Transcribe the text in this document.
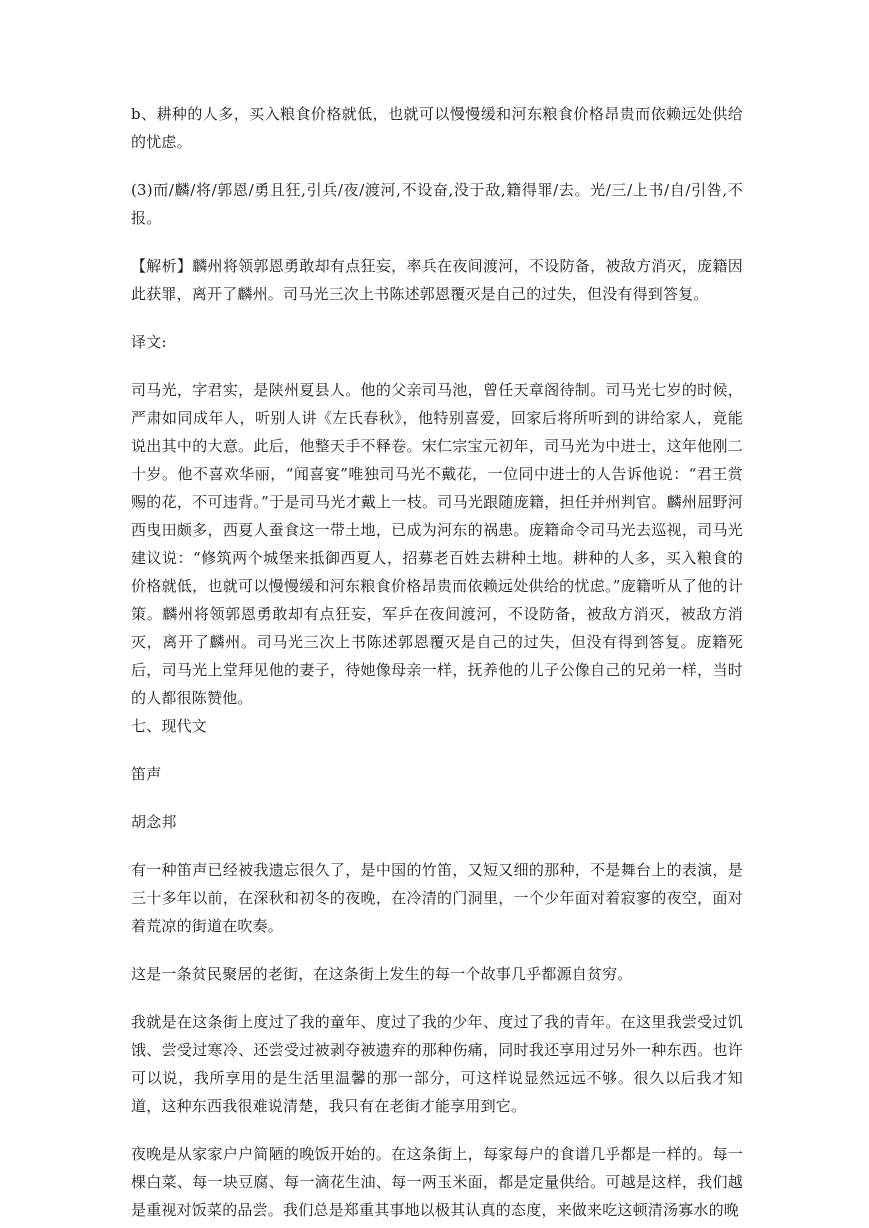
b、耕种的人多，买入粮食价格就低，也就可以慢慢缓和河东粮食价格昂贵而依赖远处供给的忧虑。

(3)而/麟/将/郭恩/勇且狂,引兵/夜/渡河,不设奋,没于敌,籍得罪/去。光/三/上书/自/引咎,不报。

【解析】麟州将领郭恩勇敢却有点狂妄，率兵在夜间渡河，不设防备，被敌方消灭，庞籍因此获罪，离开了麟州。司马光三次上书陈述郭恩覆灭是自己的过失，但没有得到答复。

译文:

司马光，字君实，是陕州夏县人。他的父亲司马池，曾任天章阁待制。司马光七岁的时候，严肃如同成年人，听别人讲《左氏春秋》，他特别喜爱，回家后将所听到的讲给家人，竟能说出其中的大意。此后，他整天手不释卷。宋仁宗宝元初年，司马光为中进士，这年他刚二十岁。他不喜欢华丽，“闻喜宴”唯独司马光不戴花，一位同中进士的人告诉他说：“君王赏赐的花，不可违背。”于是司马光才戴上一枝。司马光跟随庞籍，担任并州判官。麟州屈野河西曳田颇多，西夏人蚕食这一带土地，已成为河东的祸患。庞籍命令司马光去巡视，司马光建议说：“修筑两个城堡来抵御西夏人，招募老百姓去耕种土地。耕种的人多，买入粮食的价格就低，也就可以慢慢缓和河东粮食价格昂贵而依赖远处供给的忧虑。”庞籍听从了他的计策。麟州将领郭恩勇敢却有点狂妄，军乒在夜间渡河，不设防备，被敌方消灭，被敌方消灭，离开了麟州。司马光三次上书陈述郭恩覆灭是自己的过失，但没有得到答复。庞籍死后，司马光上堂拜见他的妻子，待她像母亲一样，抚养他的儿子公像自己的兄弟一样，当时的人都很陈赞他。

七、现代文

笛声

胡念邦

有一种笛声已经被我遗忘很久了，是中国的竹笛，又短又细的那种，不是舞台上的表演，是三十多年以前，在深秋和初冬的夜晚，在冷清的门洞里，一个少年面对着寂寥的夜空，面对着荒凉的街道在吹奏。

这是一条贫民聚居的老街，在这条街上发生的每一个故事几乎都源自贫穷。

我就是在这条街上度过了我的童年、度过了我的少年、度过了我的青年。在这里我尝受过饥饿、尝受过寒冷、还尝受过被剥夺被遗弃的那种伤痛，同时我还享用过另外一种东西。也许可以说，我所享用的是生活里温馨的那一部分，可这样说显然远远不够。很久以后我才知道，这种东西我很难说清楚，我只有在老街才能享用到它。

夜晚是从家家户户简陋的晚饭开始的。在这条街上，每家每户的食谱几乎都是一样的。每一棵白菜、每一块豆腐、每一滴花生油、每一两玉米面，都是定量供给。可越是这样，我们越是重视对饭菜的品尝。我们总是郑重其事地以极其认真的态度，来做来吃这顿清汤寡水的晚
